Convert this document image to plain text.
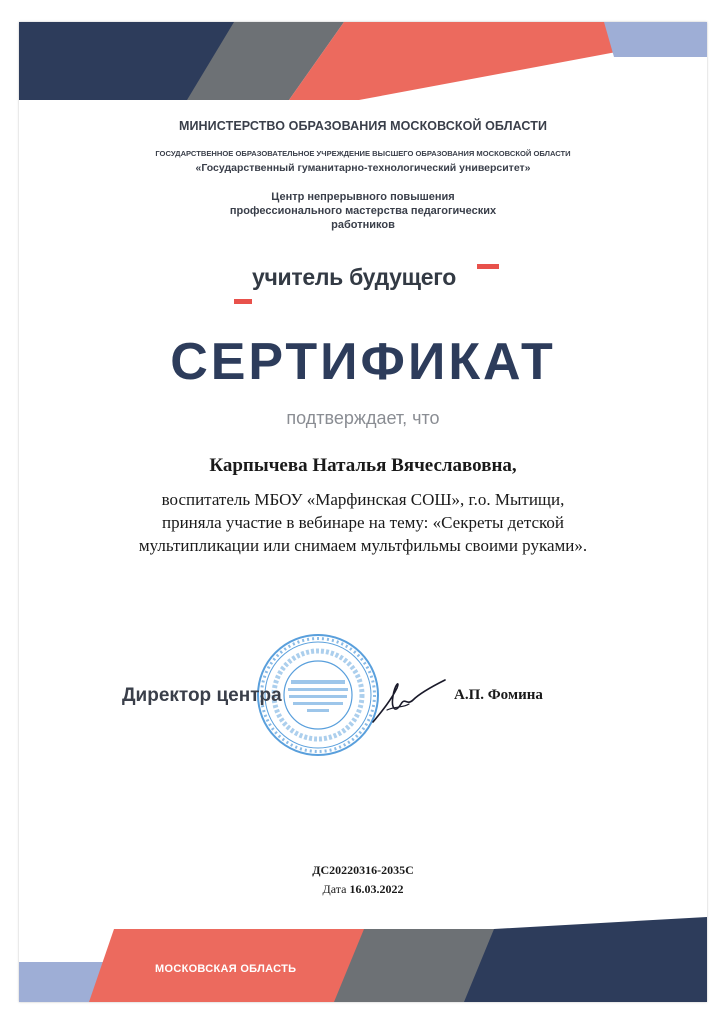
МИНИСТЕРСТВО ОБРАЗОВАНИЯ МОСКОВСКОЙ ОБЛАСТИ

ГОСУДАРСТВЕННОЕ ОБРАЗОВАТЕЛЬНОЕ УЧРЕЖДЕНИЕ ВЫСШЕГО ОБРАЗОВАНИЯ МОСКОВСКОЙ ОБЛАСТИ

«Государственный гуманитарно-технологический университет»

Центр непрерывного повышения
профессионального мастерства педагогических
работников
учитель будущего
СЕРТИФИКАТ

подтверждает, что

Карпычева Наталья Вячеславовна,

воспитатель МБОУ «Марфинская СОШ», г.о. Мытищи,
приняла участие в вебинаре на тему: «Секреты детской
мультипликации или снимаем мультфильмы своими руками».
Директор центра	А.П. Фомина

ДС20220316-2035С

Дата 16.03.2022

МОСКОВСКАЯ ОБЛАСТЬ
